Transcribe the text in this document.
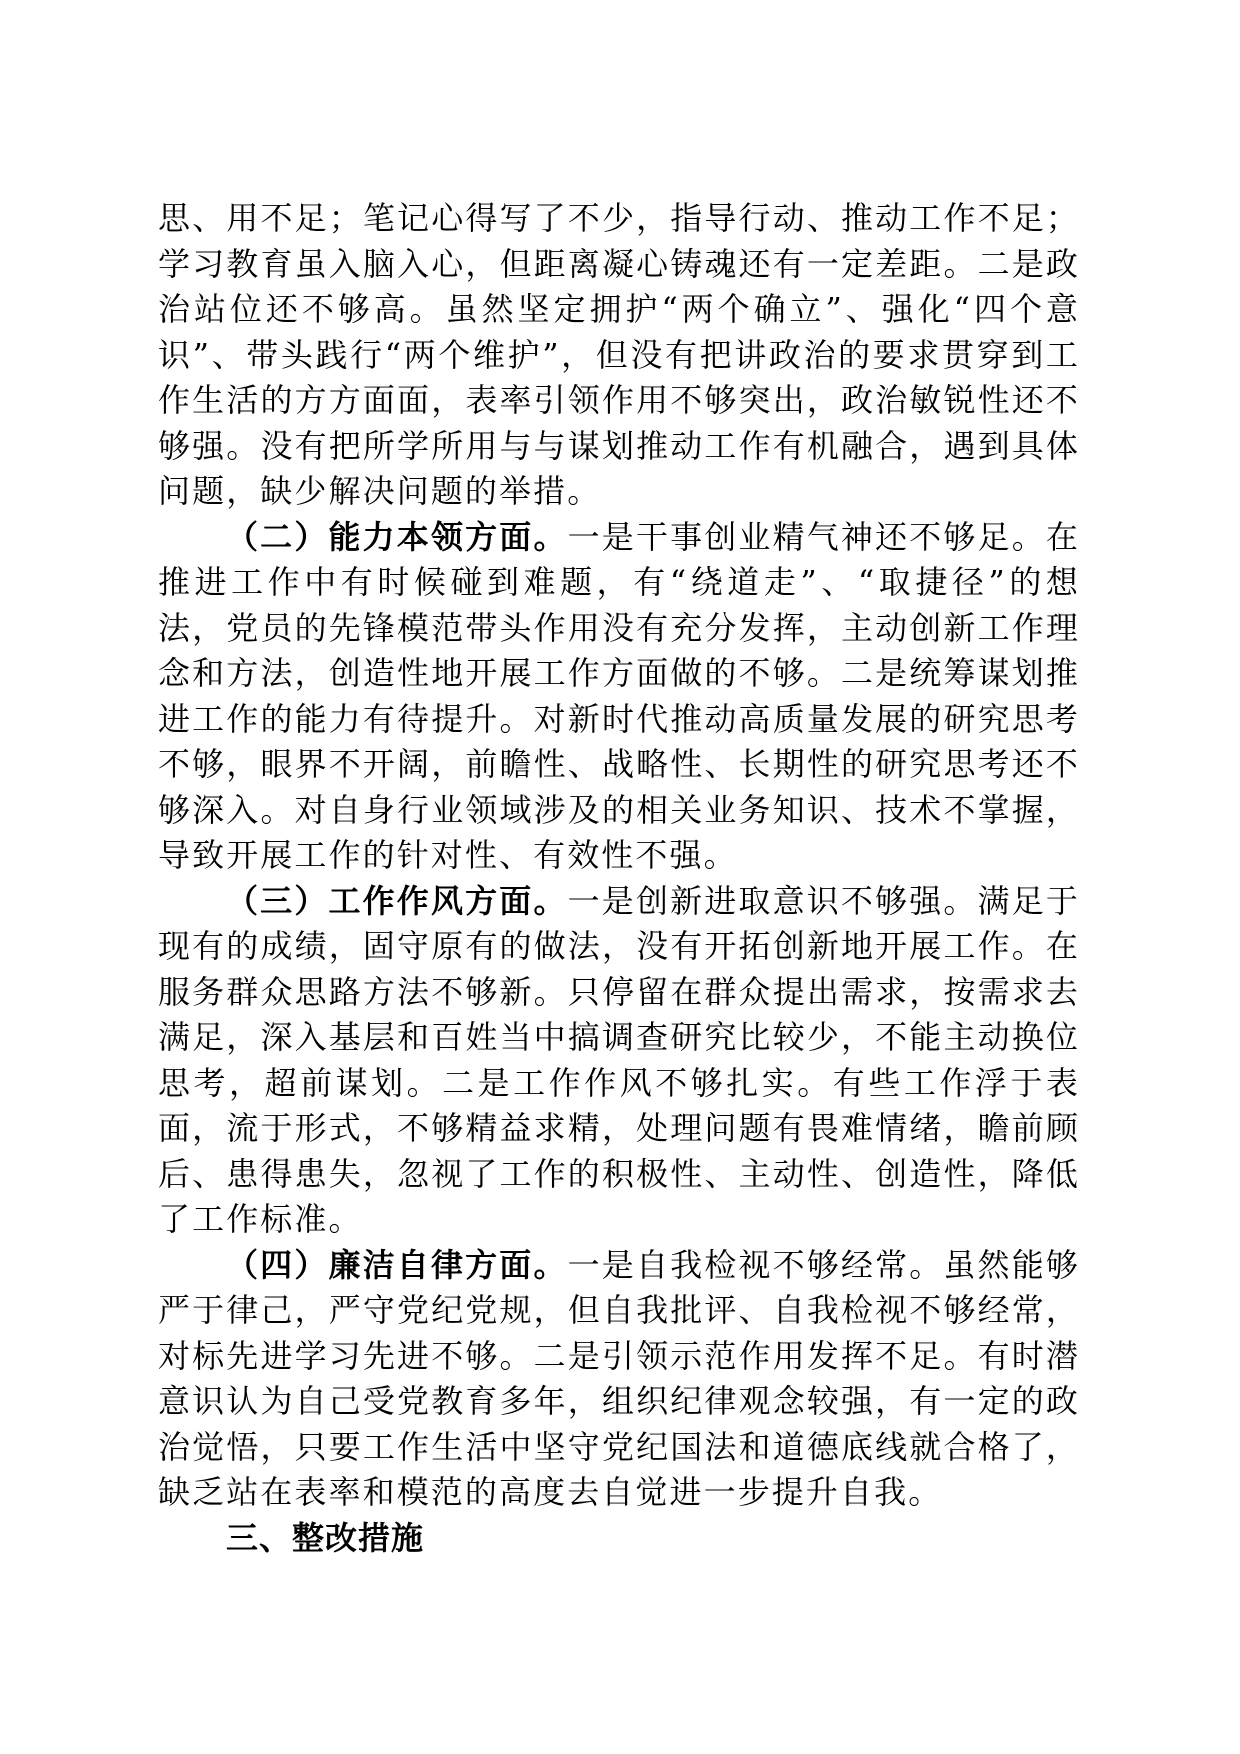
思、用不足；笔记心得写了不少，指导行动、推动工作不足；学习教育虽入脑入心，但距离凝心铸魂还有一定差距。二是政治站位还不够高。虽然坚定拥护“两个确立”、强化“四个意识”、带头践行“两个维护”，但没有把讲政治的要求贯穿到工作生活的方方面面，表率引领作用不够突出，政治敏锐性还不够强。没有把所学所用与与谋划推动工作有机融合，遇到具体问题，缺少解决问题的举措。

（二）能力本领方面。一是干事创业精气神还不够足。在推进工作中有时候碰到难题，有“绕道走”、“取捷径”的想法，党员的先锋模范带头作用没有充分发挥，主动创新工作理念和方法，创造性地开展工作方面做的不够。二是统筹谋划推进工作的能力有待提升。对新时代推动高质量发展的研究思考不够，眼界不开阔，前瞻性、战略性、长期性的研究思考还不够深入。对自身行业领域涉及的相关业务知识、技术不掌握，导致开展工作的针对性、有效性不强。

（三）工作作风方面。一是创新进取意识不够强。满足于现有的成绩，固守原有的做法，没有开拓创新地开展工作。在服务群众思路方法不够新。只停留在群众提出需求，按需求去满足，深入基层和百姓当中搞调查研究比较少，不能主动换位思考，超前谋划。二是工作作风不够扎实。有些工作浮于表面，流于形式，不够精益求精，处理问题有畏难情绪，瞻前顾后、患得患失，忽视了工作的积极性、主动性、创造性，降低了工作标准。

（四）廉洁自律方面。一是自我检视不够经常。虽然能够严于律己，严守党纪党规，但自我批评、自我检视不够经常，对标先进学习先进不够。二是引领示范作用发挥不足。有时潜意识认为自己受党教育多年，组织纪律观念较强，有一定的政治觉悟，只要工作生活中坚守党纪国法和道德底线就合格了，缺乏站在表率和模范的高度去自觉进一步提升自我。

三、整改措施
